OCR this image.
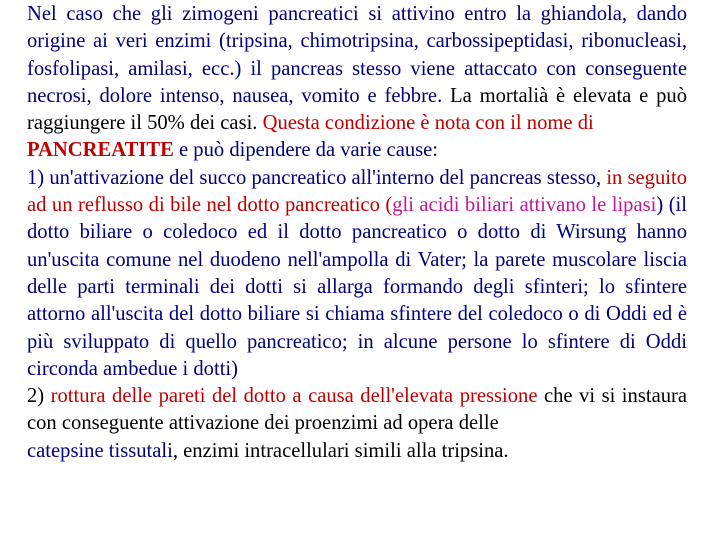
Nel caso che gli zimogeni pancreatici si attivino entro la ghiandola, dando origine ai veri enzimi (tripsina, chimotripsina, carbossipeptidasi, ribonucleasi, fosfolipasi, amilasi, ecc.) il pancreas stesso viene attaccato con conseguente necrosi, dolore intenso, nausea, vomito e febbre. La mortalià è elevata e può raggiungere il 50% dei casi. Questa condizione è nota con il nome di
PANCREATITE e può dipendere da varie cause:

1) un'attivazione del succo pancreatico all'interno del pancreas stesso, in seguito ad un reflusso di bile nel dotto pancreatico (gli acidi biliari attivano le lipasi) (il dotto biliare o coledoco ed il dotto pancreatico o dotto di Wirsung hanno un'uscita comune nel duodeno nell'ampolla di Vater; la parete muscolare liscia delle parti terminali dei dotti si allarga formando degli sfinteri; lo sfintere attorno all'uscita del dotto biliare si chiama sfintere del coledoco o di Oddi ed è più sviluppato di quello pancreatico; in alcune persone lo sfintere di Oddi circonda ambedue i dotti)

2) rottura delle pareti del dotto a causa dell'elevata pressione che vi si instaura con conseguente attivazione dei proenzimi ad opera delle
catepsine tissutali, enzimi intracellulari simili alla tripsina.
